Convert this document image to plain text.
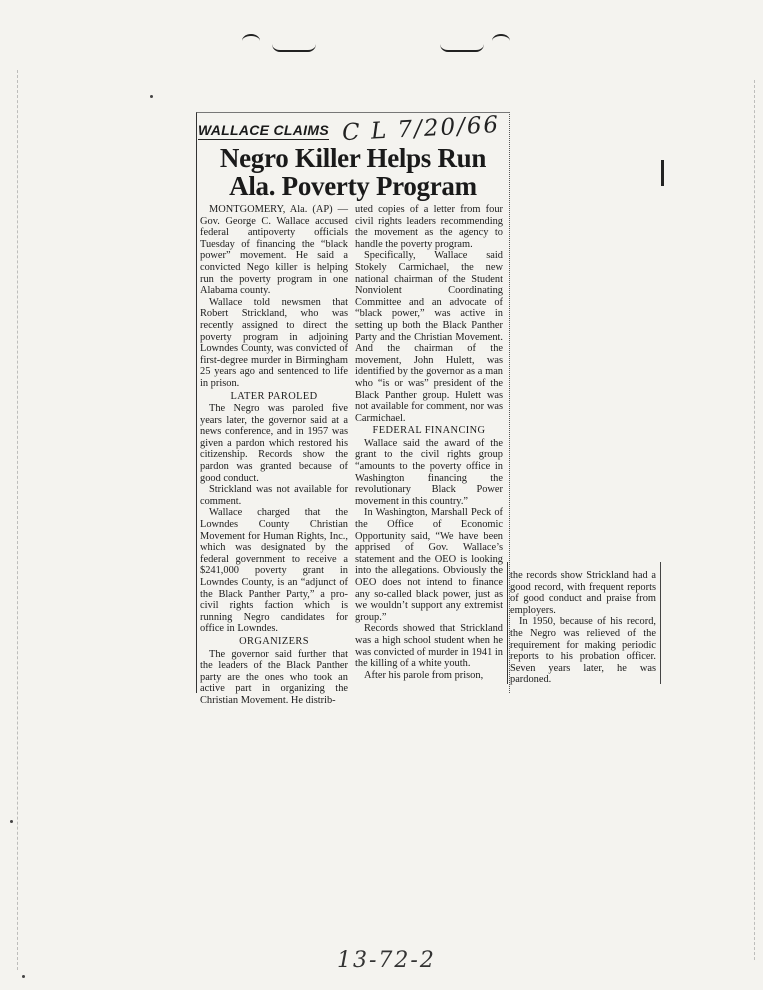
WALLACE CLAIMS C L 7/20/66
Negro Killer Helps Run
Ala. Poverty Program

MONTGOMERY, Ala. (AP) — Gov. George C. Wallace accused federal antipoverty officials Tuesday of financing the “black power” movement. He said a convicted Nego killer is helping run the poverty program in one Alabama county.

Wallace told newsmen that Robert Strickland, who was recently assigned to direct the poverty program in adjoining Lowndes County, was convicted of first-degree murder in Birmingham 25 years ago and sentenced to life in prison.

LATER PAROLED

The Negro was paroled five years later, the governor said at a news conference, and in 1957 was given a pardon which restored his citizenship. Records show the pardon was granted because of good conduct.

Strickland was not available for comment.

Wallace charged that the Lowndes County Christian Movement for Human Rights, Inc., which was designated by the federal government to receive a $241,000 poverty grant in Lowndes County, is an “adjunct of the Black Panther Party,” a pro-civil rights faction which is running Negro candidates for office in Lowndes.

ORGANIZERS

The governor said further that the leaders of the Black Panther party are the ones who took an active part in organizing the Christian Movement. He distrib-

uted copies of a letter from four civil rights leaders recommending the movement as the agency to handle the poverty program.

Specifically, Wallace said Stokely Carmichael, the new national chairman of the Student Nonviolent Coordinating Committee and an advocate of “black power,” was active in setting up both the Black Panther Party and the Christian Movement. And the chairman of the movement, John Hulett, was identified by the governor as a man who “is or was” president of the Black Panther group. Hulett was not available for comment, nor was Carmichael.

FEDERAL FINANCING

Wallace said the award of the grant to the civil rights group “amounts to the poverty office in Washington financing the revolutionary Black Power movement in this country.”

In Washington, Marshall Peck of the Office of Economic Opportunity said, “We have been apprised of Gov. Wallace’s statement and the OEO is looking into the allegations. Obviously the OEO does not intend to finance any so-called black power, just as we wouldn’t support any extremist group.”

Records showed that Strickland was a high school student when he was convicted of murder in 1941 in the killing of a white youth.

After his parole from prison,

the records show Strickland had a good record, with frequent reports of good conduct and praise from employers.

In 1950, because of his record, the Negro was relieved of the requirement for making periodic reports to his probation officer. Seven years later, he was pardoned.

13-72-2
